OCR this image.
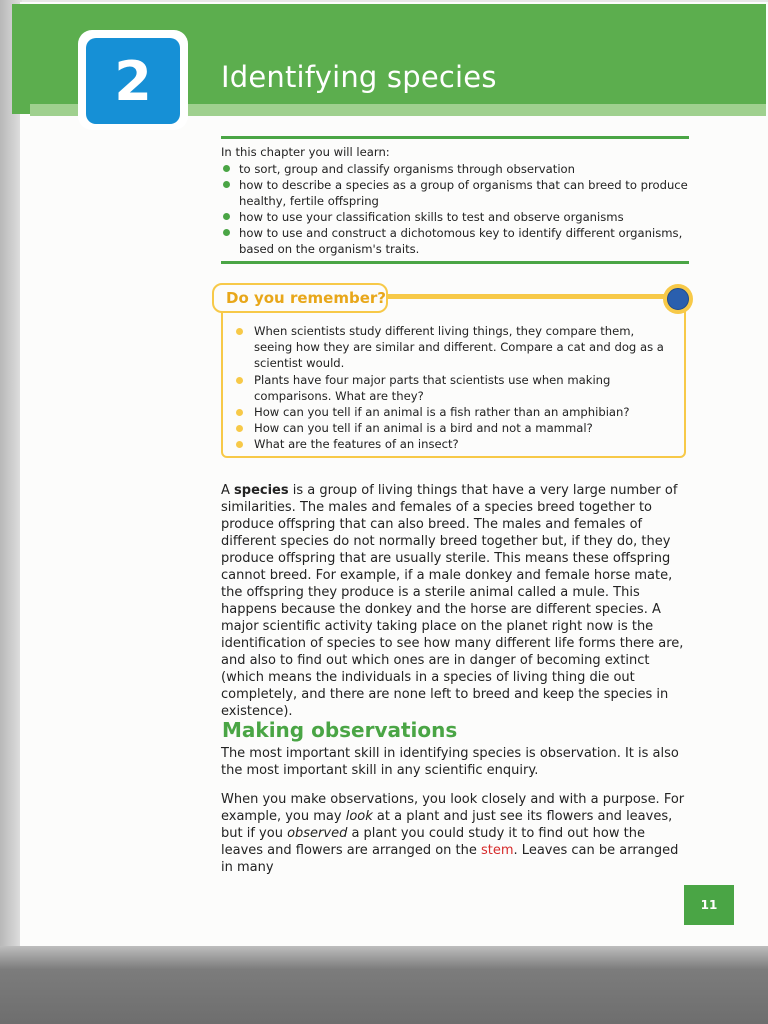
2	Identifying species
In this chapter you will learn:
to sort, group and classify organisms through observation
how to describe a species as a group of organisms that can breed to produce healthy, fertile offspring
how to use your classification skills to test and observe organisms
how to use and construct a dichotomous key to identify different organisms, based on the organism's traits.
Do you remember?
When scientists study different living things, they compare them, seeing how they are similar and different. Compare a cat and dog as a scientist would.
Plants have four major parts that scientists use when making comparisons. What are they?
How can you tell if an animal is a fish rather than an amphibian?
How can you tell if an animal is a bird and not a mammal?
What are the features of an insect?

A species is a group of living things that have a very large number of similarities. The males and females of a species breed together to produce offspring that can also breed. The males and females of different species do not normally breed together but, if they do, they produce offspring that are usually sterile. This means these offspring cannot breed. For example, if a male donkey and female horse mate, the offspring they produce is a sterile animal called a mule. This happens because the donkey and the horse are different species. A major scientific activity taking place on the planet right now is the identification of species to see how many different life forms there are, and also to find out which ones are in danger of becoming extinct (which means the individuals in a species of living thing die out completely, and there are none left to breed and keep the species in existence).

Making observations

The most important skill in identifying species is observation. It is also the most important skill in any scientific enquiry.

When you make observations, you look closely and with a purpose. For example, you may look at a plant and just see its flowers and leaves, but if you observed a plant you could study it to find out how the leaves and flowers are arranged on the stem. Leaves can be arranged in many

11
